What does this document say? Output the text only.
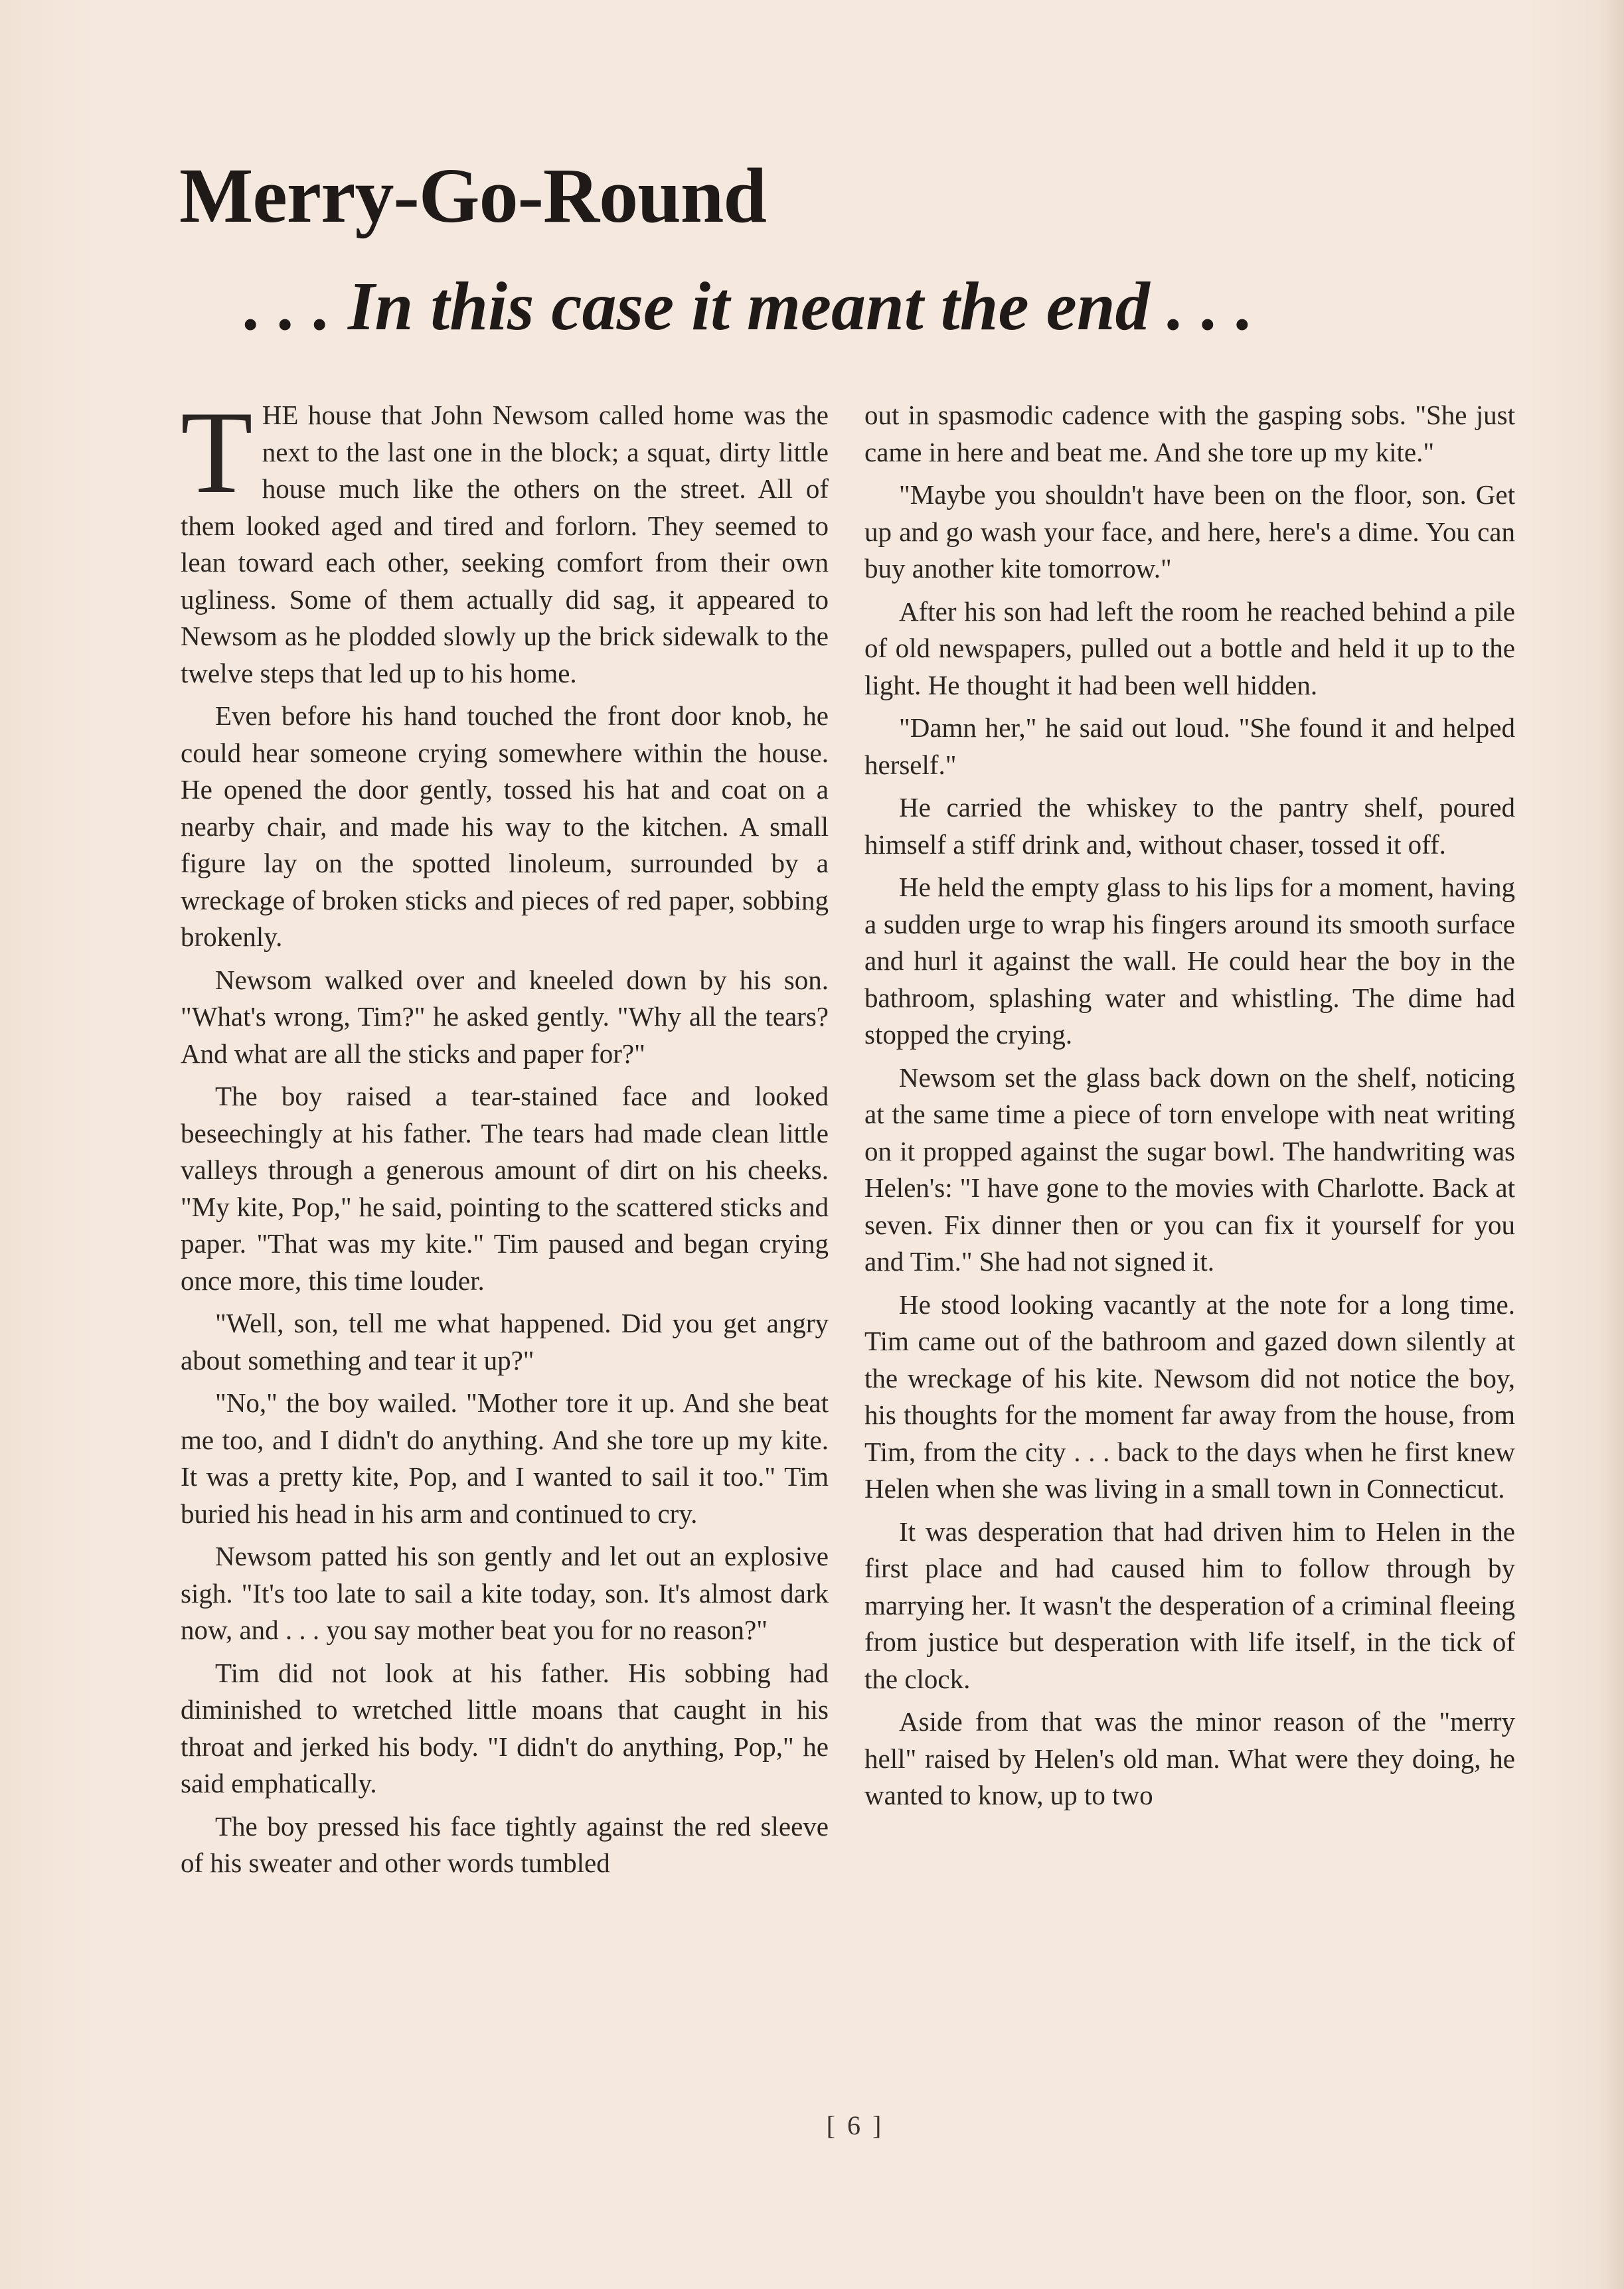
Merry-Go-Round
. . . In this case it meant the end . . .

THE house that John Newsom called home was the next to the last one in the block; a squat, dirty little house much like the others on the street. All of them looked aged and tired and forlorn. They seemed to lean toward each other, seeking comfort from their own ugliness. Some of them actually did sag, it appeared to Newsom as he plodded slowly up the brick sidewalk to the twelve steps that led up to his home.

Even before his hand touched the front door knob, he could hear someone crying somewhere within the house. He opened the door gently, tossed his hat and coat on a nearby chair, and made his way to the kitchen. A small figure lay on the spotted linoleum, surrounded by a wreckage of broken sticks and pieces of red paper, sobbing brokenly.

Newsom walked over and kneeled down by his son. "What's wrong, Tim?" he asked gently. "Why all the tears? And what are all the sticks and paper for?"

The boy raised a tear-stained face and looked beseechingly at his father. The tears had made clean little valleys through a generous amount of dirt on his cheeks. "My kite, Pop," he said, pointing to the scattered sticks and paper. "That was my kite." Tim paused and began crying once more, this time louder.

"Well, son, tell me what happened. Did you get angry about something and tear it up?"

"No," the boy wailed. "Mother tore it up. And she beat me too, and I didn't do anything. And she tore up my kite. It was a pretty kite, Pop, and I wanted to sail it too." Tim buried his head in his arm and continued to cry.

Newsom patted his son gently and let out an explosive sigh. "It's too late to sail a kite today, son. It's almost dark now, and . . . you say mother beat you for no reason?"

Tim did not look at his father. His sobbing had diminished to wretched little moans that caught in his throat and jerked his body. "I didn't do anything, Pop," he said emphatically.

The boy pressed his face tightly against the red sleeve of his sweater and other words tumbled

out in spasmodic cadence with the gasping sobs. "She just came in here and beat me. And she tore up my kite."

"Maybe you shouldn't have been on the floor, son. Get up and go wash your face, and here, here's a dime. You can buy another kite tomorrow."

After his son had left the room he reached behind a pile of old newspapers, pulled out a bottle and held it up to the light. He thought it had been well hidden.

"Damn her," he said out loud. "She found it and helped herself."

He carried the whiskey to the pantry shelf, poured himself a stiff drink and, without chaser, tossed it off.

He held the empty glass to his lips for a moment, having a sudden urge to wrap his fingers around its smooth surface and hurl it against the wall. He could hear the boy in the bathroom, splashing water and whistling. The dime had stopped the crying.

Newsom set the glass back down on the shelf, noticing at the same time a piece of torn envelope with neat writing on it propped against the sugar bowl. The handwriting was Helen's: "I have gone to the movies with Charlotte. Back at seven. Fix dinner then or you can fix it yourself for you and Tim." She had not signed it.

He stood looking vacantly at the note for a long time. Tim came out of the bathroom and gazed down silently at the wreckage of his kite. Newsom did not notice the boy, his thoughts for the moment far away from the house, from Tim, from the city . . . back to the days when he first knew Helen when she was living in a small town in Connecticut.

It was desperation that had driven him to Helen in the first place and had caused him to follow through by marrying her. It wasn't the desperation of a criminal fleeing from justice but desperation with life itself, in the tick of the clock.

Aside from that was the minor reason of the "merry hell" raised by Helen's old man. What were they doing, he wanted to know, up to two

[ 6 ]
